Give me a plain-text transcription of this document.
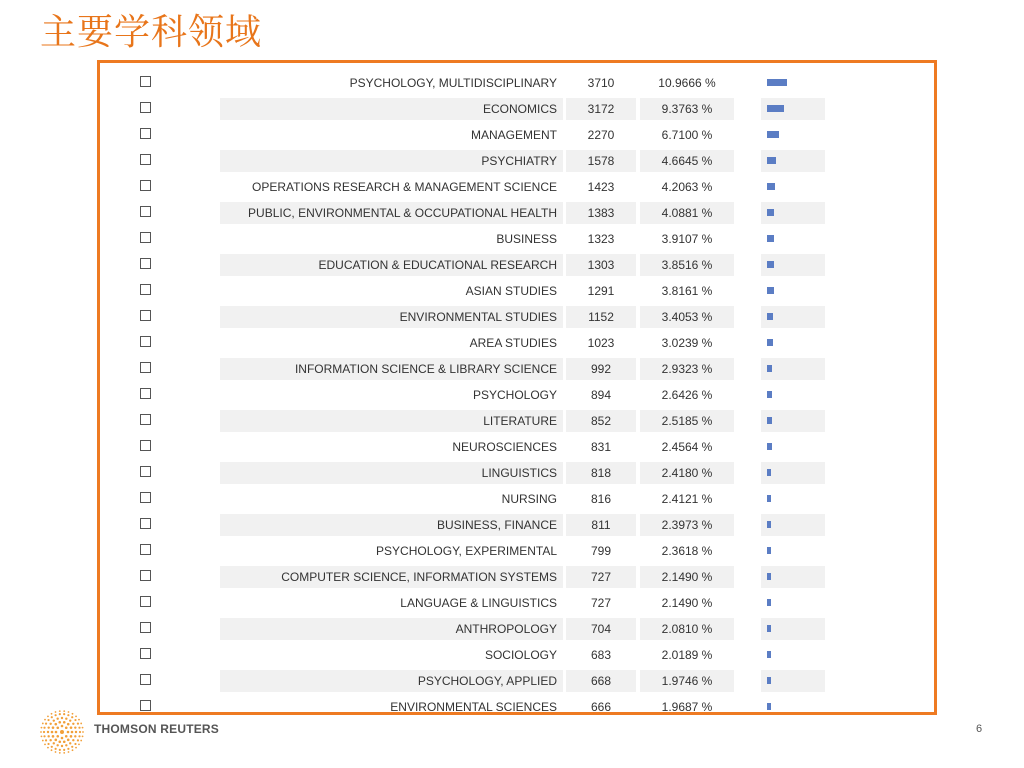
主要学科领域
PSYCHOLOGY, MULTIDISCIPLINARY	3710	10.9666 %
ECONOMICS	3172	9.3763 %
MANAGEMENT	2270	6.7100 %
PSYCHIATRY	1578	4.6645 %
OPERATIONS RESEARCH & MANAGEMENT SCIENCE	1423	4.2063 %
PUBLIC, ENVIRONMENTAL & OCCUPATIONAL HEALTH	1383	4.0881 %
BUSINESS	1323	3.9107 %
EDUCATION & EDUCATIONAL RESEARCH	1303	3.8516 %
ASIAN STUDIES	1291	3.8161 %
ENVIRONMENTAL STUDIES	1152	3.4053 %
AREA STUDIES	1023	3.0239 %
INFORMATION SCIENCE & LIBRARY SCIENCE	992	2.9323 %
PSYCHOLOGY	894	2.6426 %
LITERATURE	852	2.5185 %
NEUROSCIENCES	831	2.4564 %
LINGUISTICS	818	2.4180 %
NURSING	816	2.4121 %
BUSINESS, FINANCE	811	2.3973 %
PSYCHOLOGY, EXPERIMENTAL	799	2.3618 %
COMPUTER SCIENCE, INFORMATION SYSTEMS	727	2.1490 %
LANGUAGE & LINGUISTICS	727	2.1490 %
ANTHROPOLOGY	704	2.0810 %
SOCIOLOGY	683	2.0189 %
PSYCHOLOGY, APPLIED	668	1.9746 %
ENVIRONMENTAL SCIENCES	666	1.9687 %
THOMSON REUTERS	6
